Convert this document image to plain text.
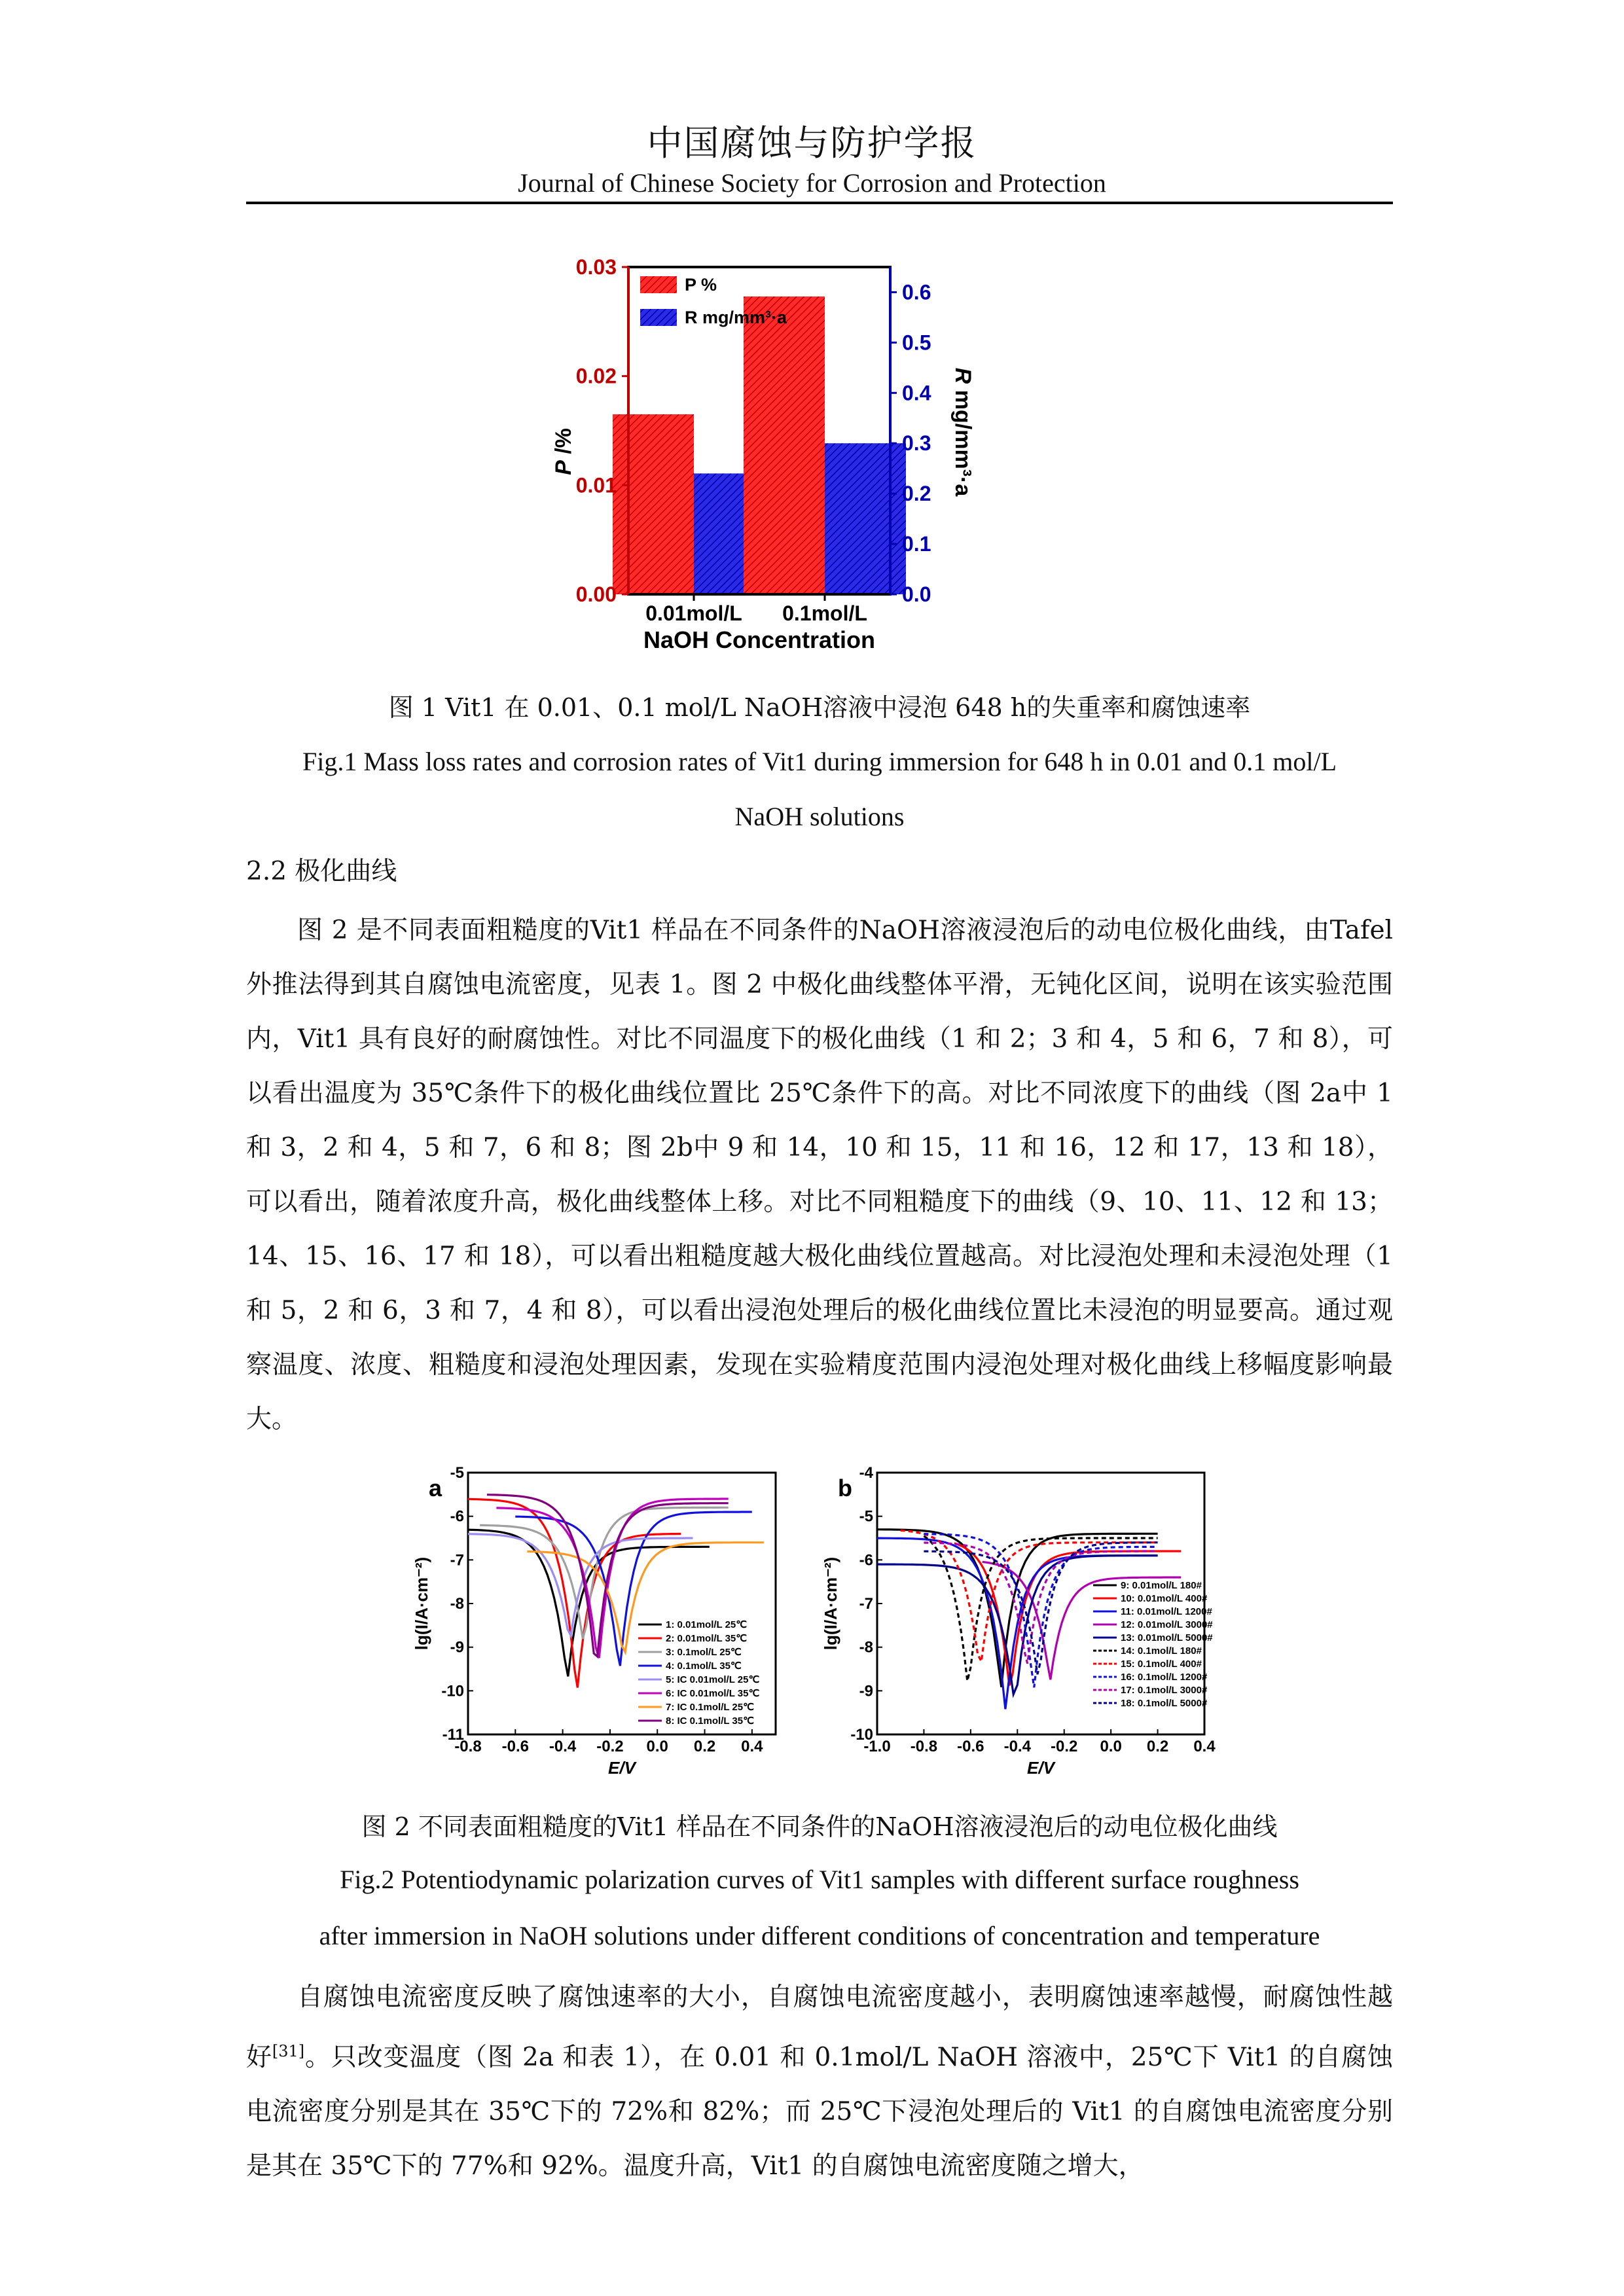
中国腐蚀与防护学报
Journal of Chinese Society for Corrosion and Protection
0.01mol/L 0.1mol/L
0.00
0.01
0.02
0.03
0.0
0.1
0.2
0.3
0.4
0.5
0.6
P %
R mg/mm³·a
P /%
R mg/mm³·a
NaOH Concentration
图 1 Vit1 在 0.01、0.1 mol/L NaOH溶液中浸泡 648 h的失重率和腐蚀速率
Fig.1 Mass loss rates and corrosion rates of Vit1 during immersion for 648 h in 0.01 and 0.1 mol/L
NaOH solutions
2.2 极化曲线

图 2 是不同表面粗糙度的Vit1 样品在不同条件的NaOH溶液浸泡后的动电位极化曲线，由Tafel外推法得到其自腐蚀电流密度，见表 1。图 2 中极化曲线整体平滑，无钝化区间，说明在该实验范围内，Vit1 具有良好的耐腐蚀性。对比不同温度下的极化曲线（1 和 2；3 和 4，5 和 6，7 和 8），可以看出温度为 35℃条件下的极化曲线位置比 25℃条件下的高。对比不同浓度下的曲线（图 2a中 1 和 3，2 和 4，5 和 7，6 和 8；图 2b中 9 和 14，10 和 15，11 和 16，12 和 17，13 和 18），可以看出，随着浓度升高，极化曲线整体上移。对比不同粗糙度下的曲线（9、10、11、12 和 13；14、15、16、17 和 18），可以看出粗糙度越大极化曲线位置越高。对比浸泡处理和未浸泡处理（1 和 5，2 和 6，3 和 7，4 和 8），可以看出浸泡处理后的极化曲线位置比未浸泡的明显要高。通过观察温度、浓度、粗糙度和浸泡处理因素，发现在实验精度范围内浸泡处理对极化曲线上移幅度影响最大。

-0.8 -0.6 -0.4 -0.2 0.0 0.2 0.4
-11
-10
-9
-8
-7
-6
-5
E/V
lg(I/A·cm⁻²)
a
1: 0.01mol/L 25℃
2: 0.01mol/L 35℃
3: 0.1mol/L 25℃
4: 0.1mol/L 35℃
5: IC 0.01mol/L 25℃
6: IC 0.01mol/L 35℃
7: IC 0.1mol/L 25℃
8: IC 0.1mol/L 35℃
-1.0 -0.8 -0.6 -0.4 -0.2 0.0 0.2 0.4
-10
-9
-8
-7
-6
-5
-4
E/V
lg(I/A·cm⁻²)
b
9: 0.01mol/L 180#
10: 0.01mol/L 400#
11: 0.01mol/L 1200#
12: 0.01mol/L 3000#
13: 0.01mol/L 5000#
14: 0.1mol/L 180#
15: 0.1mol/L 400#
16: 0.1mol/L 1200#
17: 0.1mol/L 3000#
18: 0.1mol/L 5000#
图 2 不同表面粗糙度的Vit1 样品在不同条件的NaOH溶液浸泡后的动电位极化曲线
Fig.2 Potentiodynamic polarization curves of Vit1 samples with different surface roughness
after immersion in NaOH solutions under different conditions of concentration and temperature

自腐蚀电流密度反映了腐蚀速率的大小，自腐蚀电流密度越小，表明腐蚀速率越慢，耐腐蚀性越好[31]。只改变温度（图 2a 和表 1），在 0.01 和 0.1mol/L NaOH 溶液中，25℃下 Vit1 的自腐蚀电流密度分别是其在 35℃下的 72%和 82%；而 25℃下浸泡处理后的 Vit1 的自腐蚀电流密度分别是其在 35℃下的 77%和 92%。温度升高，Vit1 的自腐蚀电流密度随之增大，
